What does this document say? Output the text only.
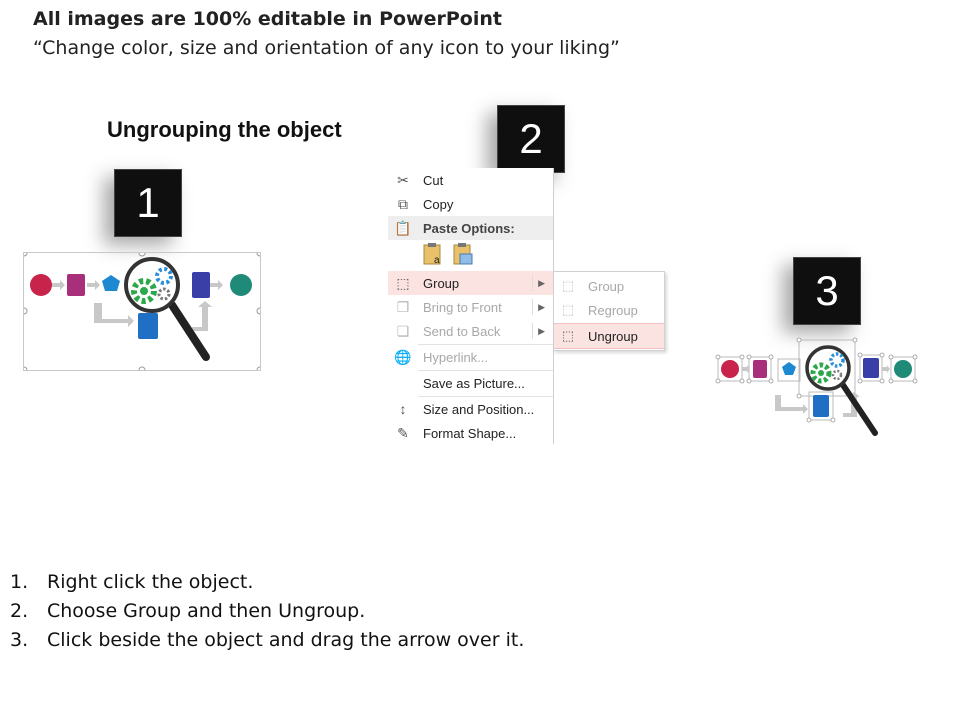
All images are 100% editable in PowerPoint
“Change color, size and orientation of any icon to your liking”
Ungrouping the object
1
2
3
✂ Cut
⧉	Copy
📋 Paste Options:
a
⬚ Group	▶
❐ Bring to Front	▶
❏ Send to Back	▶
🌐 Hyperlink...
Save as Picture...
↕	Size and Position...
✎ Format Shape...
⬚ Group
⬚ Regroup
⬚ Ungroup
1. Right click the object.
2. Choose Group and then Ungroup.
3. Click beside the object and drag the arrow over it.
